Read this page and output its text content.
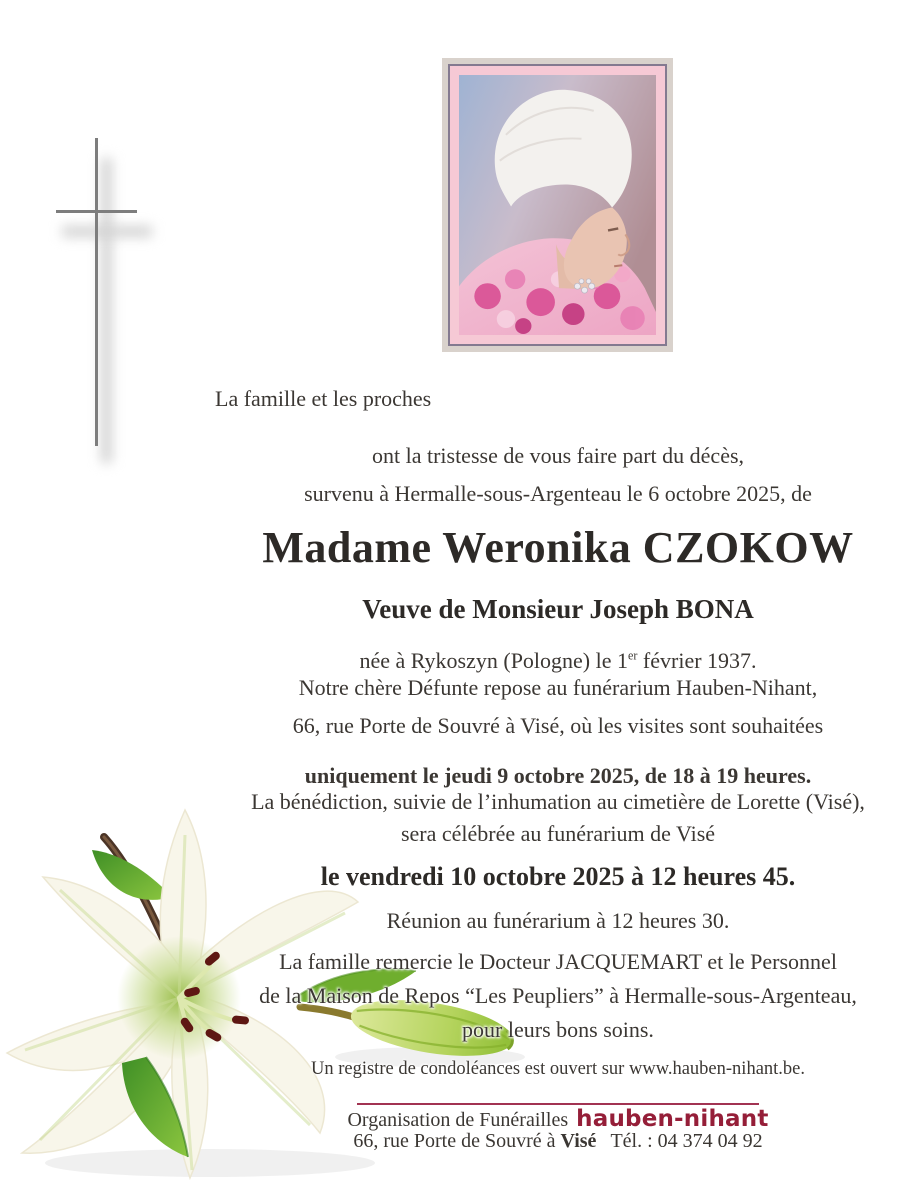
La famille et les proches
ont la tristesse de vous faire part du décès,
survenu à Hermalle-sous-Argenteau le 6 octobre 2025, de
Madame Weronika CZOKOW
Veuve de Monsieur Joseph BONA
née à Rykoszyn (Pologne) le 1er février 1937.
Notre chère Défunte repose au funérarium Hauben-Nihant,
66, rue Porte de Souvré à Visé, où les visites sont souhaitées
uniquement le jeudi 9 octobre 2025, de 18 à 19 heures.
La bénédiction, suivie de l’inhumation au cimetière de Lorette (Visé),
sera célébrée au funérarium de Visé
le vendredi 10 octobre 2025 à 12 heures 45.
Réunion au funérarium à 12 heures 30.
La famille remercie le Docteur JACQUEMART et le Personnel
de la Maison de Repos “Les Peupliers” à Hermalle-sous-Argenteau,
pour leurs bons soins.
Un registre de condoléances est ouvert sur www.hauben-nihant.be.
Organisation de Funérailles hauben-nihant
66, rue Porte de Souvré à Visé Tél. : 04 374 04 92
